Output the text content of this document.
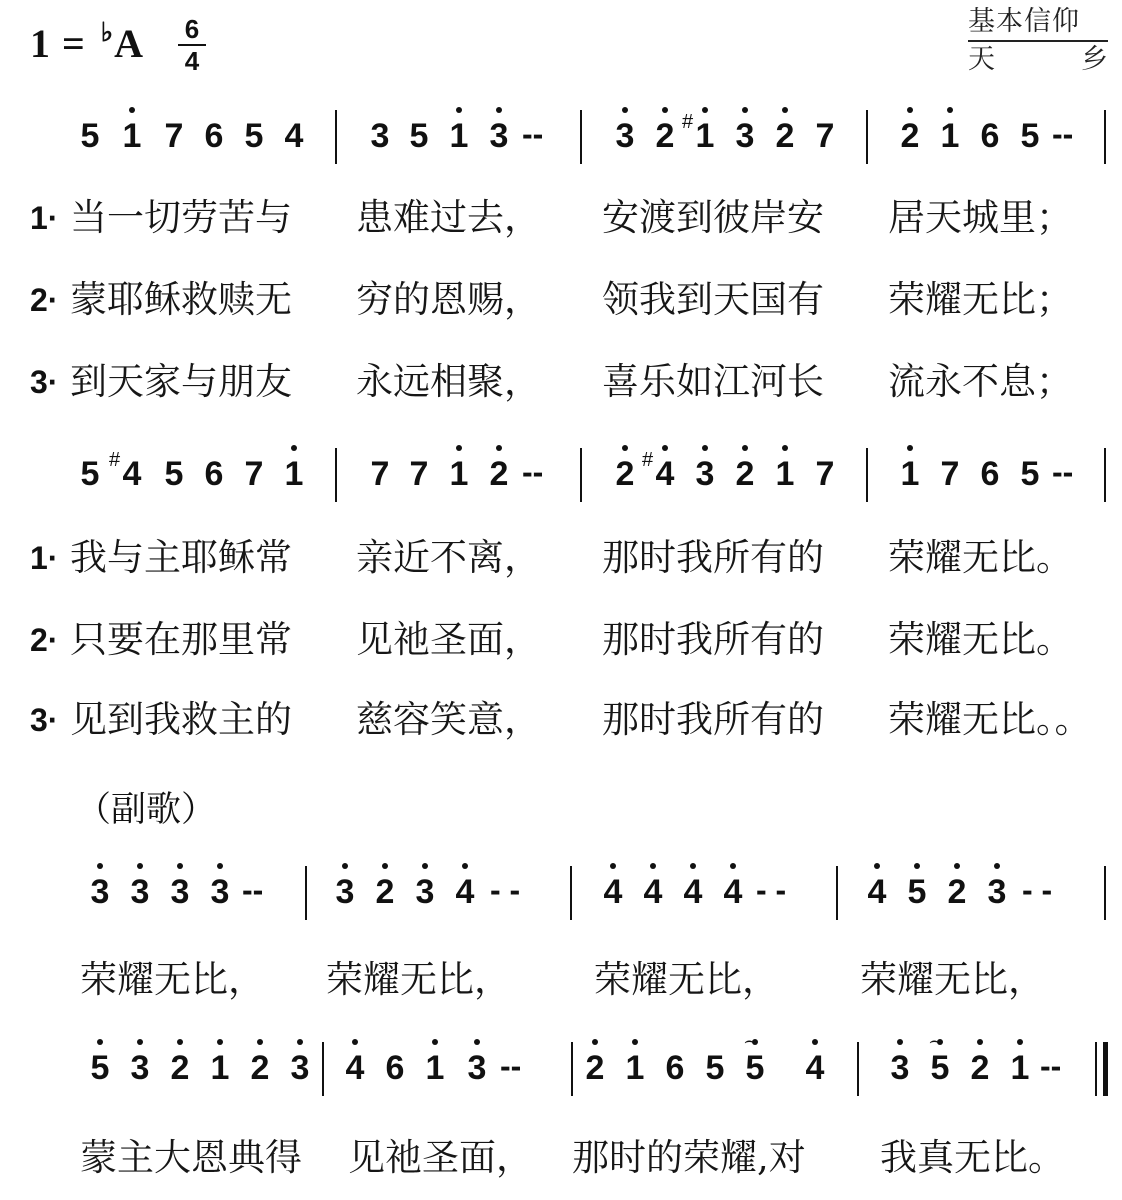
1 = ♭A 6
4
基本信仰
天	乡
5 1 7 6 5 4 3 5 1 3 -- 3 2 1
# 3 2 7 2 1 6 5 --
5 4
# 5 6 7 1 7 7 1 2 -- 2 4
# 3 2 1 7 1 7 6 5 --
3 3 3 3 -- 3 2 3 4 - - 4 4 4 4 - - 4 5 2 3 - -
5 3 2 1 2 3 4 6 1 3 -- 2 1 6 5 5
⌢
4 3 5
⌢
2 1 --
1· 当一切劳苦与 患难过去， 安渡到彼岸安 居天城里；
2· 蒙耶稣救赎无 穷的恩赐， 领我到天国有 荣耀无比；
3· 到天家与朋友 永远相聚， 喜乐如江河长 流永不息；
1· 我与主耶稣常 亲近不离， 那时我所有的 荣耀无比。
2· 只要在那里常 见祂圣面， 那时我所有的 荣耀无比。
3· 见到我救主的 慈容笑意， 那时我所有的 荣耀无比。。
（副歌）
荣耀无比， 荣耀无比， 荣耀无比， 荣耀无比，
蒙主大恩典得 见祂圣面， 那时的荣耀,对 我真无比。
